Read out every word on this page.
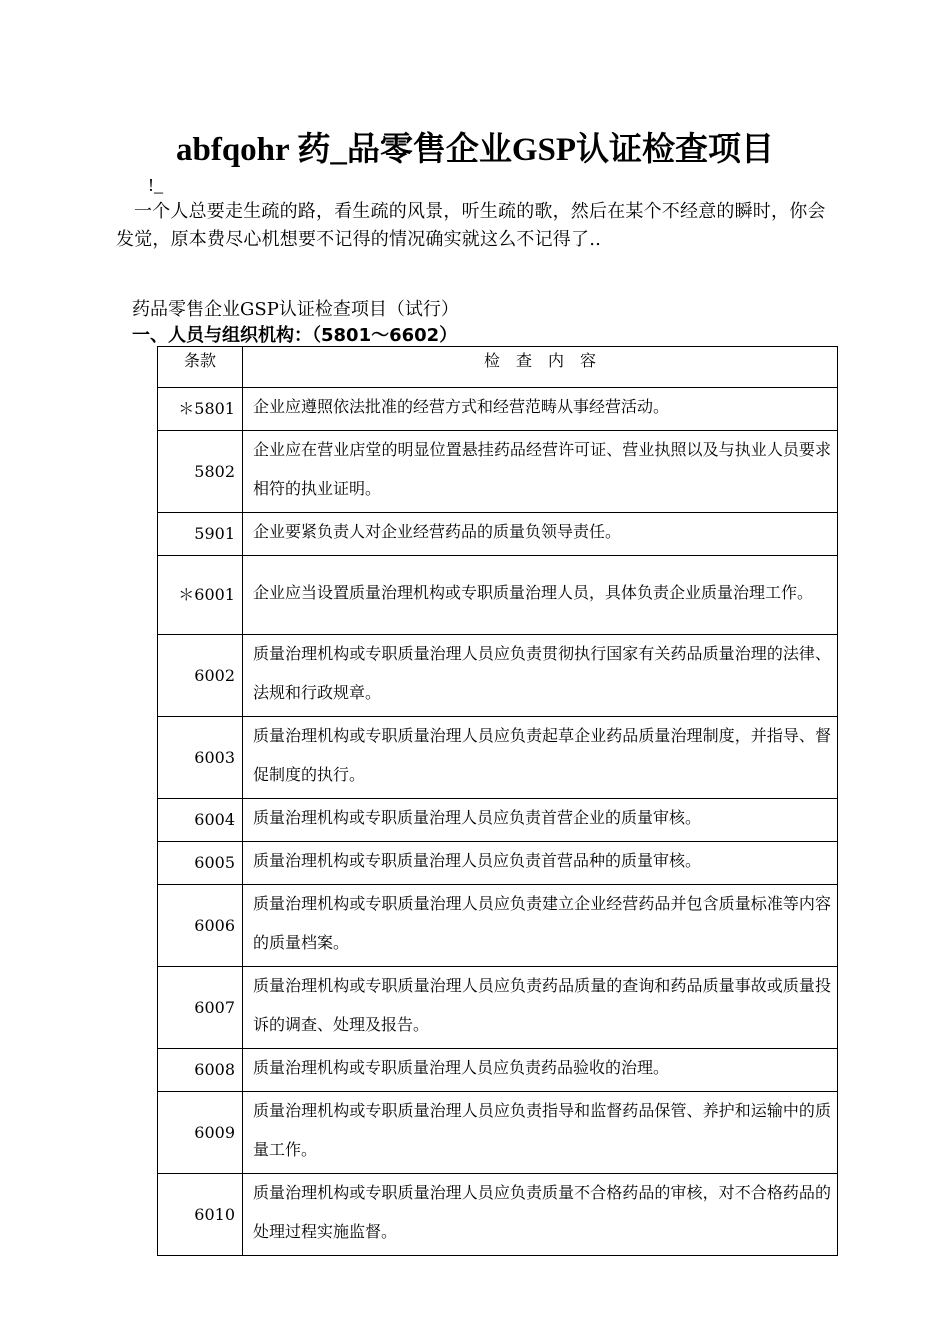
abfqohr 药_品零售企业GSP认证检查项目
!_
一个人总要走生疏的路，看生疏的风景，听生疏的歌，然后在某个不经意的瞬时，你会发觉，原本费尽心机想要不记得的情况确实就这么不记得了..
药品零售企业GSP认证检查项目（试行）
一、人员与组织机构：（5801～6602）
条款	检　查　内　容
＊5801	企业应遵照依法批准的经营方式和经营范畴从事经营活动。

5802	企业应在营业店堂的明显位置悬挂药品经营许可证、营业执照以及与执业人员要求相符的执业证明。

5901	企业要紧负责人对企业经营药品的质量负领导责任。

＊6001	企业应当设置质量治理机构或专职质量治理人员，具体负责企业质量治理工作。

6002	质量治理机构或专职质量治理人员应负责贯彻执行国家有关药品质量治理的法律、法规和行政规章。

6003	质量治理机构或专职质量治理人员应负责起草企业药品质量治理制度，并指导、督促制度的执行。

6004	质量治理机构或专职质量治理人员应负责首营企业的质量审核。

6005	质量治理机构或专职质量治理人员应负责首营品种的质量审核。

6006	质量治理机构或专职质量治理人员应负责建立企业经营药品并包含质量标准等内容的质量档案。

6007	质量治理机构或专职质量治理人员应负责药品质量的查询和药品质量事故或质量投诉的调查、处理及报告。

6008	质量治理机构或专职质量治理人员应负责药品验收的治理。

6009	质量治理机构或专职质量治理人员应负责指导和监督药品保管、养护和运输中的质量工作。

6010	质量治理机构或专职质量治理人员应负责质量不合格药品的审核，对不合格药品的处理过程实施监督。
